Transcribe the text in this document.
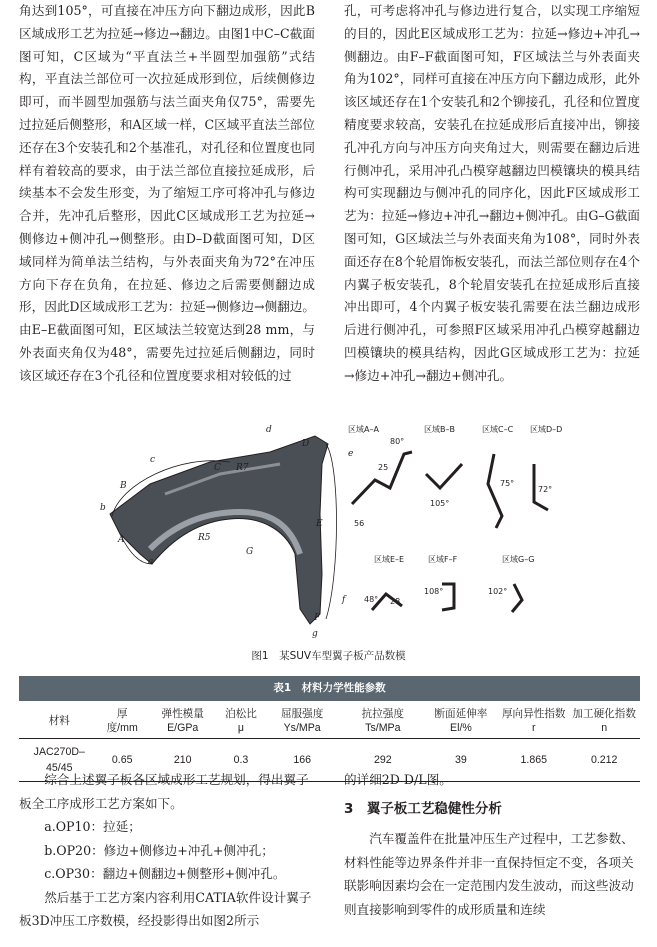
角达到105°，可直接在冲压方向下翻边成形，因此B区域成形工艺为拉延→修边→翻边。由图1中C–C截面图可知，C区域为“平直法兰+半圆型加强筋”式结构，平直法兰部位可一次拉延成形到位，后续侧修边即可，而半圆型加强筋与法兰面夹角仅75°，需要先过拉延后侧整形，和A区域一样，C区域平直法兰部位还存在3个安装孔和2个基准孔，对孔径和位置度也同样有着较高的要求，由于法兰部位直接拉延成形，后续基本不会发生形变，为了缩短工序可将冲孔与修边合并，先冲孔后整形，因此C区域成形工艺为拉延→侧修边+侧冲孔→侧整形。由D–D截面图可知，D区域同样为简单法兰结构，与外表面夹角为72°在冲压方向下存在负角，在拉延、修边之后需要侧翻边成形，因此D区域成形工艺为：拉延→侧修边→侧翻边。由E–E截面图可知，E区域法兰较宽达到28 mm，与外表面夹角仅为48°，需要先过拉延后侧翻边，同时该区域还存在3个孔径和位置度要求相对较低的过

孔，可考虑将冲孔与修边进行复合，以实现工序缩短的目的，因此E区域成形工艺为：拉延→修边+冲孔→侧翻边。由F–F截面图可知，F区域法兰与外表面夹角为102°，同样可直接在冲压方向下翻边成形，此外该区域还存在1个安装孔和2个铆接孔，孔径和位置度精度要求较高，安装孔在拉延成形后直接冲出，铆接孔冲孔方向与冲压方向夹角过大，则需要在翻边后进行侧冲孔，采用冲孔凸模穿越翻边凹模镶块的模具结构可实现翻边与侧冲孔的同序化，因此F区域成形工艺为：拉延→修边+冲孔→翻边+侧冲孔。由G–G截面图可知，G区域法兰与外表面夹角为108°，同时外表面还存在8个轮眉饰板安装孔，而法兰部位则存在4个内翼子板安装孔，8个轮眉安装孔在拉延成形后直接冲出即可，4个内翼子板安装孔需要在法兰翻边成形后进行侧冲孔，可参照F区域采用冲孔凸模穿越翻边凹模镶块的模具结构，因此G区域成形工艺为：拉延→修边+冲孔→翻边+侧冲孔。

b
c
d
e
f
g
a
A
B
C
D
E
F
G
R5
R7
区域A–A
80°
25
56
区域B–B
105°
区域C–C
75°
区域D–D
72°
区域E–E
48° 28
区域F–F
108°
区域G–G
102°
图1　某SUV车型翼子板产品数模
表1　材料力学性能参数
材料	厚度/mm	弹性模量E/GPa	泊松比μ	屈服强度Ys/MPa	抗拉强度Ts/MPa	断面延伸率El/%	厚向异性指数r	加工硬化指数n
JAC270D–45/45	0.65	210	0.3	166	292	39	1.865	0.212

综合上述翼子板各区域成形工艺规划，得出翼子板全工序成形工艺方案如下。

a.OP10：拉延；

b.OP20：修边+侧修边+冲孔+侧冲孔；

c.OP30：翻边+侧翻边+侧整形+侧冲孔。

然后基于工艺方案内容利用CATIA软件设计翼子板3D冲压工序数模，经投影得出如图2所示

的详细2D D/L图。

3　翼子板工艺稳健性分析

汽车覆盖件在批量冲压生产过程中，工艺参数、材料性能等边界条件并非一直保持恒定不变，各项关联影响因素均会在一定范围内发生波动，而这些波动则直接影响到零件的成形质量和连续
